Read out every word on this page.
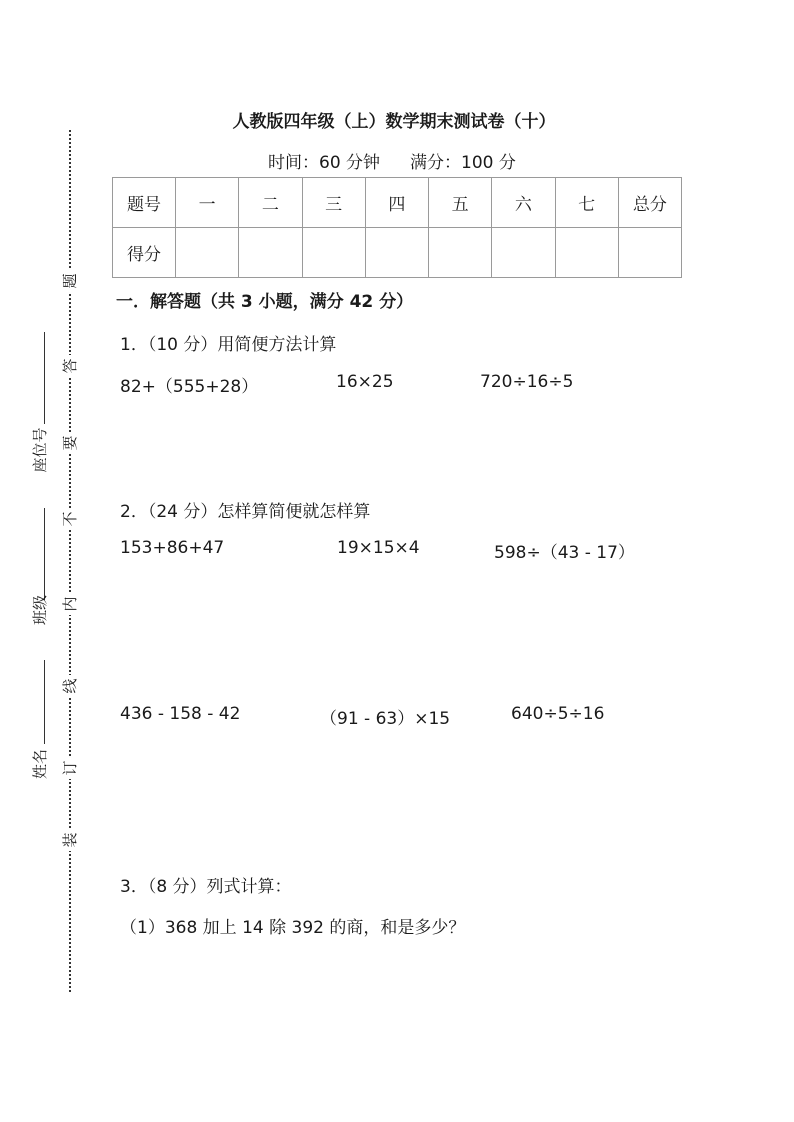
题
答
要
不
内
线
订
装
座位号
班级
姓名
人教版四年级（上）数学期末测试卷（十）
时间：60 分钟 满分：100 分
题号	一	二	三	四	五	六	七	总分
得分								
一．解答题（共 3 小题，满分 42 分）
1．（10 分）用简便方法计算
82+（555+28）	16×25	720÷16÷5
2．（24 分）怎样算简便就怎样算
153+86+47	19×15×4	598÷（43 - 17）
436 - 158 - 42	（91 - 63）×15	640÷5÷16
3．（8 分）列式计算：
（1）368 加上 14 除 392 的商，和是多少？
